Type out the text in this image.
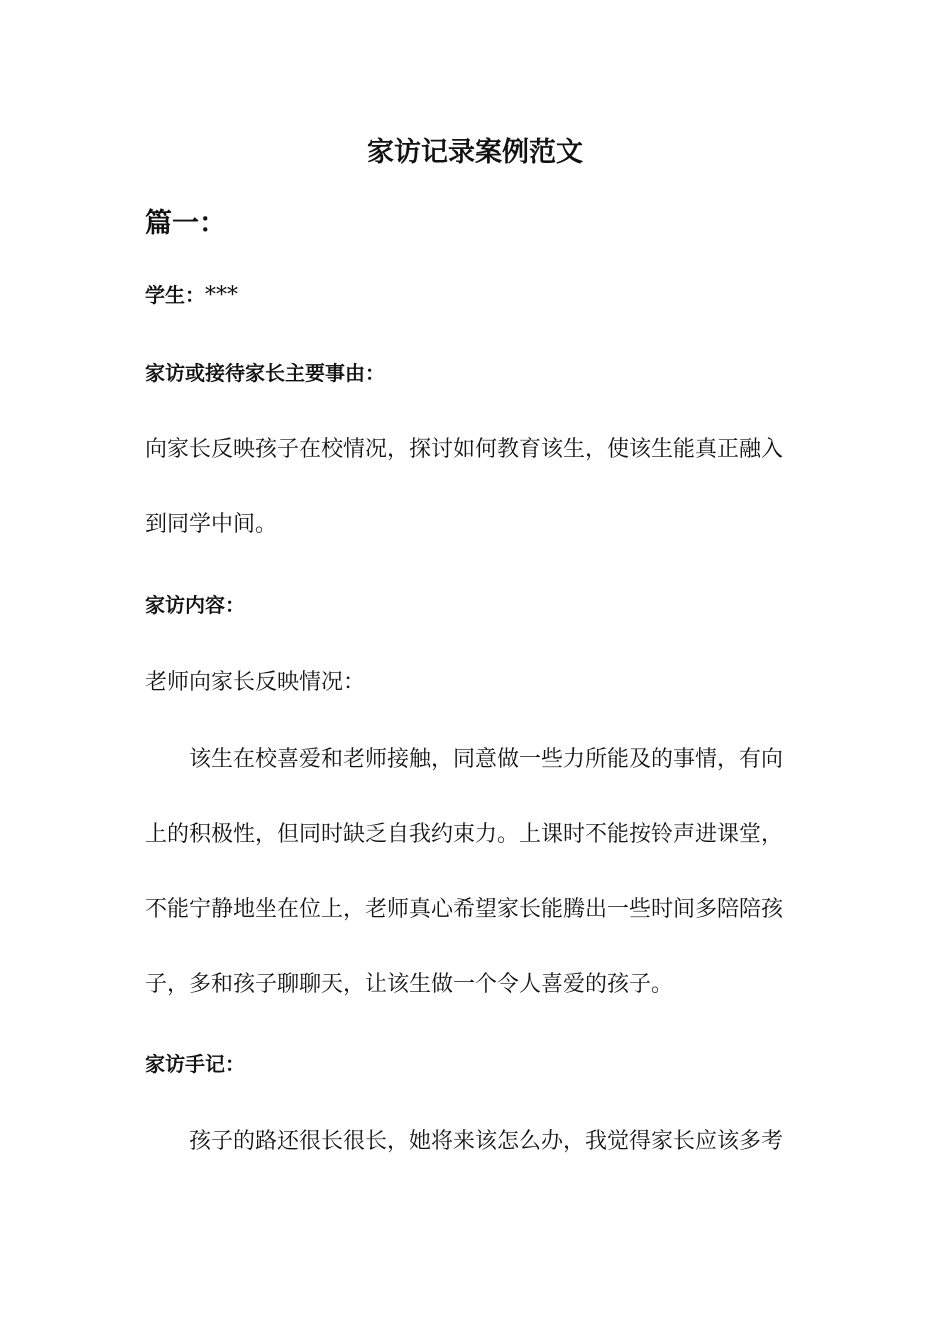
家访记录案例范文
篇一：
学生：***
家访或接待家长主要事由：
向家长反映孩子在校情况，探讨如何教育该生，使该生能真正融入
到同学中间。
家访内容：
老师向家长反映情况：
该生在校喜爱和老师接触，同意做一些力所能及的事情，有向
上的积极性，但同时缺乏自我约束力。上课时不能按铃声进课堂，
不能宁静地坐在位上，老师真心希望家长能腾出一些时间多陪陪孩
子，多和孩子聊聊天，让该生做一个令人喜爱的孩子。
家访手记：
孩子的路还很长很长，她将来该怎么办，我觉得家长应该多考
